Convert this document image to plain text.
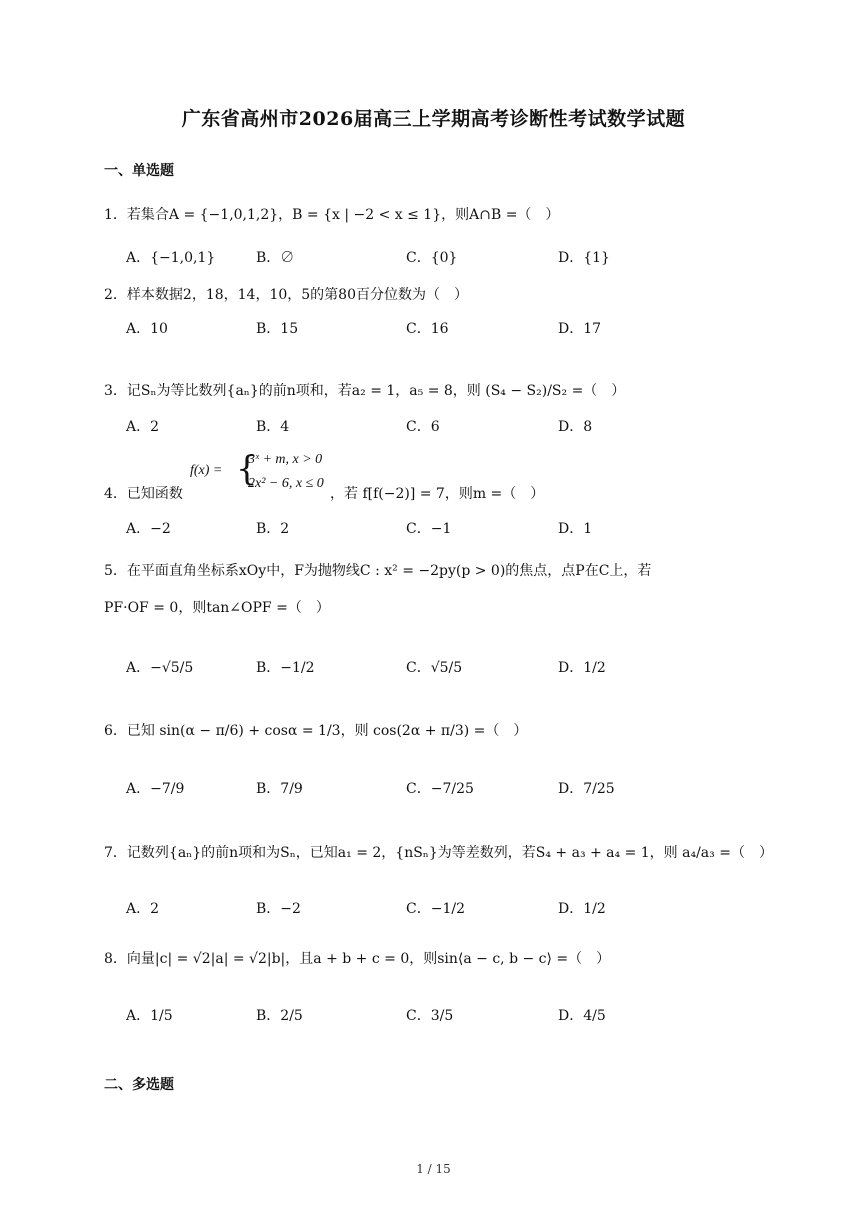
广东省高州市2026届高三上学期高考诊断性考试数学试题
一、单选题
1．若集合A = {−1,0,1,2}，B = {x | −2 < x ≤ 1}，则A∩B =（　）
A．{−1,0,1}	B．∅	C．{0}	D．{1}
2．样本数据2，18，14，10，5的第80百分位数为（　）
A．10	B．15	C．16	D．17
3．记Sₙ为等比数列{aₙ}的前n项和，若a₂ = 1，a₅ = 8，则 (S₄ − S₂)/S₂ =（　）
A．2	B．4	C．6	D．8
4．已知函数
f(x) = {
3ˣ + m, x > 0
2x² − 6, x ≤ 0
，若 f[f(−2)] = 7，则m =（　）
A．−2	B．2	C．−1	D．1
5．在平面直角坐标系xOy中，F为抛物线C : x² = −2py(p > 0)的焦点，点P在C上，若
PF·OF = 0，则tan∠OPF =（　）
A．−√5/5	B．−1/2	C．√5/5	D．1/2
6．已知 sin(α − π/6) + cosα = 1/3，则 cos(2α + π/3) =（　）
A．−7/9	B．7/9	C．−7/25	D．7/25
7．记数列{aₙ}的前n项和为Sₙ，已知a₁ = 2，{nSₙ}为等差数列，若S₄ + a₃ + a₄ = 1，则 a₄/a₃ =（　）
A．2	B．−2	C．−1/2	D．1/2
8．向量|c| = √2|a| = √2|b|，且a + b + c = 0，则sin⟨a − c, b − c⟩ =（　）
A．1/5	B．2/5	C．3/5	D．4/5
二、多选题
1 / 15
